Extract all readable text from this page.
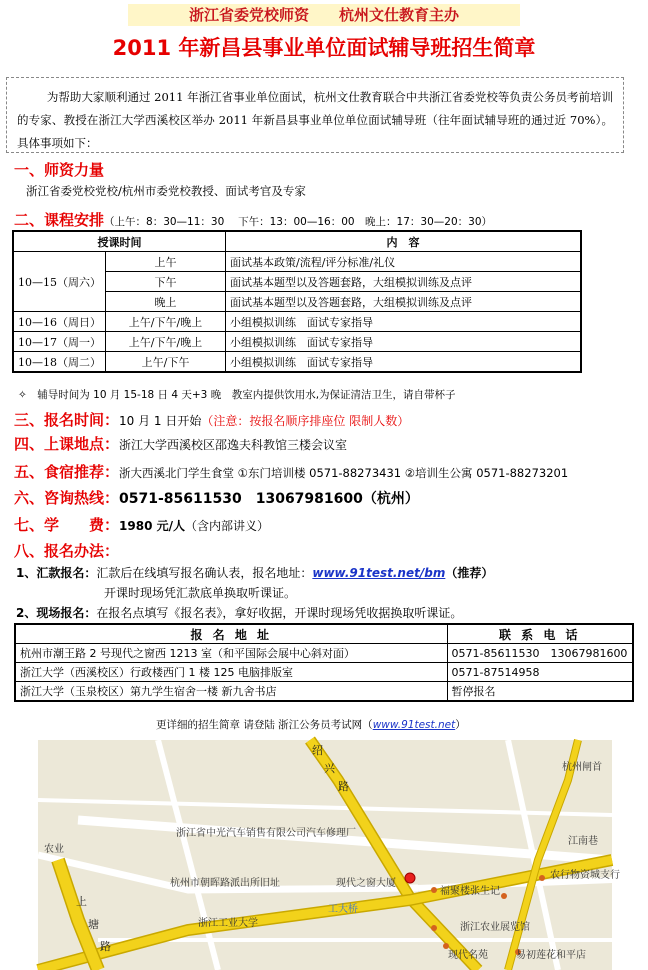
浙江省委党校师资　　杭州文仕教育主办
2011 年新昌县事业单位面试辅导班招生简章
为帮助大家顺利通过 2011 年浙江省事业单位面试，杭州文仕教育联合中共浙江省委党校等负责公务员考前培训的专家、教授在浙江大学西溪校区举办 2011 年新昌县事业单位单位面试辅导班（往年面试辅导班的通过近 70%）。具体事项如下：
一、师资力量
浙江省委党校党校/杭州市委党校教授、面试考官及专家
二、课程安排（上午：8：30—11：30　 下午：13：00—16：00　晚上：17：30—20：30）
授课时间		内　容
10—15（周六）	上午	面试基本政策/流程/评分标准/礼仪
	下午	面试基本题型以及答题套路，大组模拟训练及点评
	晚上	面试基本题型以及答题套路，大组模拟训练及点评
10—16（周日）	上午/下午/晚上	小组模拟训练　面试专家指导
10—17（周一）	上午/下午/晚上	小组模拟训练　面试专家指导
10—18（周二）	上午/下午	小组模拟训练　面试专家指导
✧　辅导时间为 10 月 15-18 日 4 天+3 晚　教室内提供饮用水,为保证清洁卫生，请自带杯子
三、报名时间：10 月 1 日开始（注意：按报名顺序排座位 限制人数）
四、上课地点：浙江大学西溪校区邵逸夫科教馆三楼会议室
五、食宿推荐：浙大西溪北门学生食堂 ①东门培训楼 0571-88273431 ②培训生公寓 0571-88273201
六、咨询热线：0571-85611530　13067981600（杭州）
七、学　　费：1980 元/人（含内部讲义）
八、报名办法：
1、汇款报名：汇款后在线填写报名确认表，报名地址：www.91test.net/bm（推荐）
开课时现场凭汇款底单换取听课证。
2、现场报名：在报名点填写《报名表》，拿好收据，开课时现场凭收据换取听课证。
报 名 地 址	联 系 电 话
杭州市潮王路 2 号现代之窗西 1213 室（和平国际会展中心斜对面）	0571-85611530　13067981600
浙江大学（西溪校区）行政楼西门 1 楼 125 电脑排版室	0571-87514958
浙江大学（玉泉校区）第九学生宿舍一楼 新九舍书店	暂停报名
更详细的招生简章 请登陆 浙江公务员考试网（www.91test.net）
绍
兴
路
杭州闸首
江南巷
浙江省中光汽车销售有限公司汽车修理厂
农行物资城支行
杭州市朝晖路派出所旧址	现代之窗大厦
福聚楼张生记
工大桥
浙江工业大学	浙江农业展览馆
上
塘
路
现代名苑	易初莲花和平店
农业
